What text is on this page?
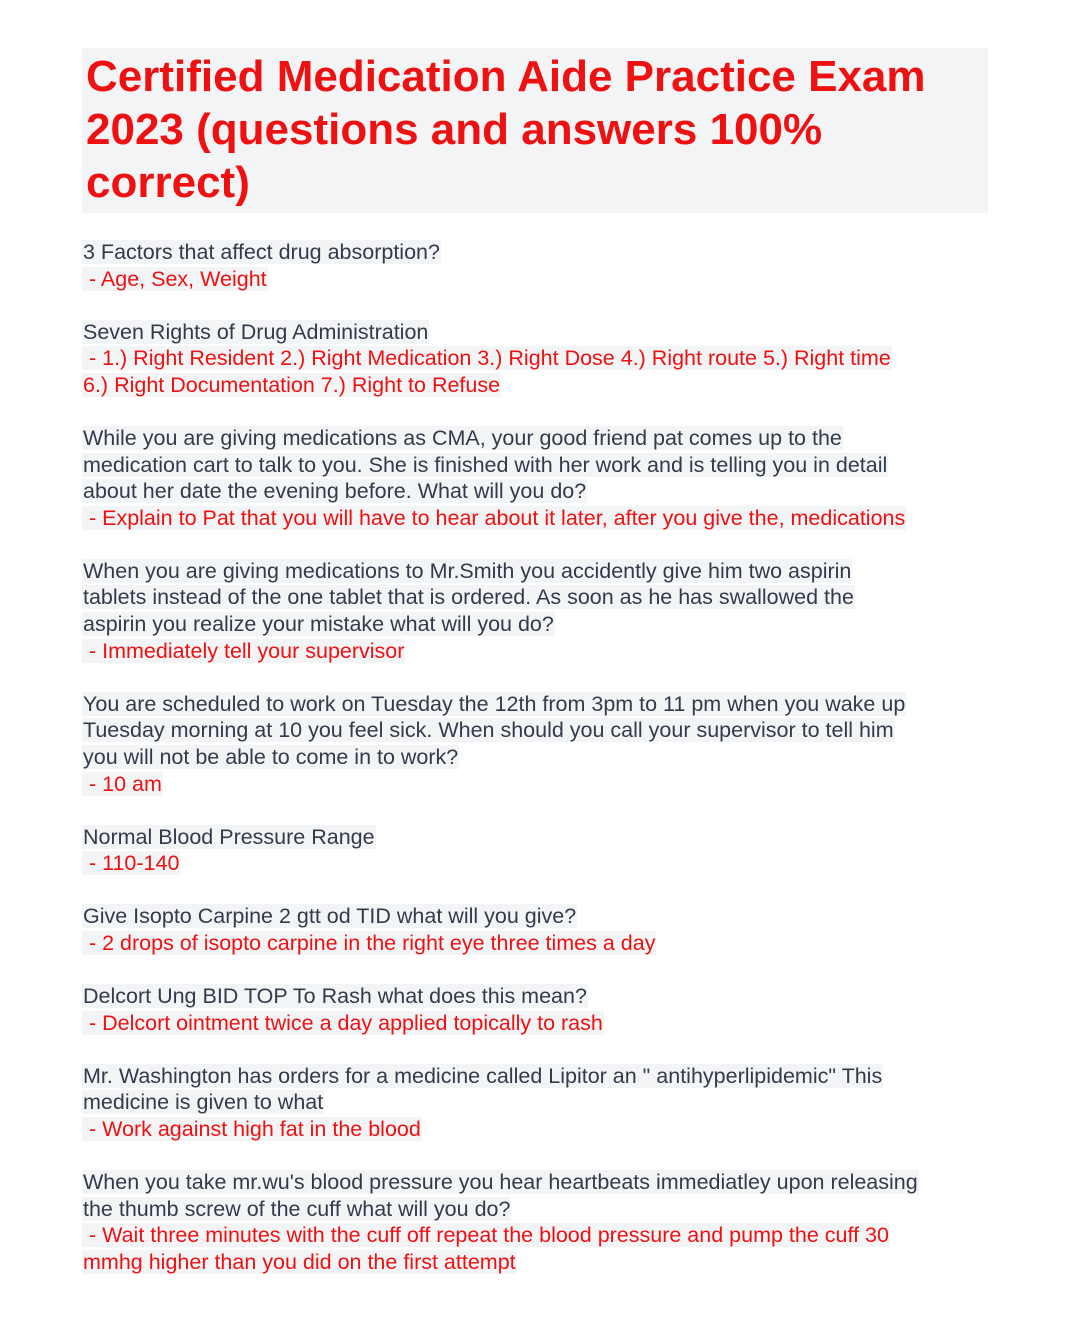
Certified Medication Aide Practice Exam
2023 (questions and answers 100%
correct)
3 Factors that affect drug absorption?
- Age, Sex, Weight
Seven Rights of Drug Administration
- 1.) Right Resident 2.) Right Medication 3.) Right Dose 4.) Right route 5.) Right time
6.) Right Documentation 7.) Right to Refuse
While you are giving medications as CMA, your good friend pat comes up to the
medication cart to talk to you. She is finished with her work and is telling you in detail
about her date the evening before. What will you do?
- Explain to Pat that you will have to hear about it later, after you give the, medications
When you are giving medications to Mr.Smith you accidently give him two aspirin
tablets instead of the one tablet that is ordered. As soon as he has swallowed the
aspirin you realize your mistake what will you do?
- Immediately tell your supervisor
You are scheduled to work on Tuesday the 12th from 3pm to 11 pm when you wake up
Tuesday morning at 10 you feel sick. When should you call your supervisor to tell him
you will not be able to come in to work?
- 10 am
Normal Blood Pressure Range
- 110-140
Give Isopto Carpine 2 gtt od TID what will you give?
- 2 drops of isopto carpine in the right eye three times a day
Delcort Ung BID TOP To Rash what does this mean?
- Delcort ointment twice a day applied topically to rash
Mr. Washington has orders for a medicine called Lipitor an " antihyperlipidemic" This
medicine is given to what
- Work against high fat in the blood
When you take mr.wu's blood pressure you hear heartbeats immediatley upon releasing
the thumb screw of the cuff what will you do?
- Wait three minutes with the cuff off repeat the blood pressure and pump the cuff 30
mmhg higher than you did on the first attempt
